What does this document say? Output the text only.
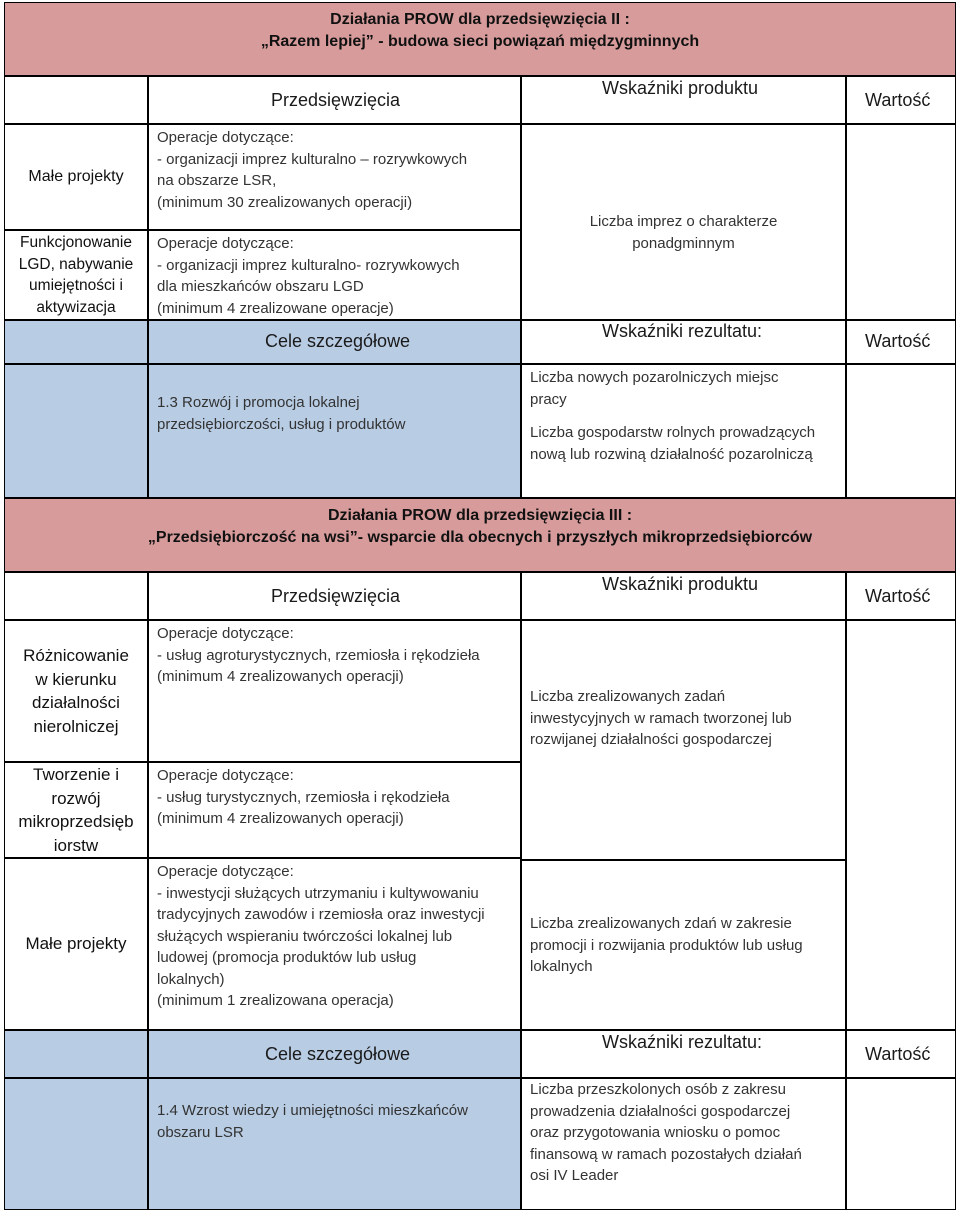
Działania PROW dla przedsięwzięcia II :
„Razem lepiej” - budowa sieci powiązań międzygminnych
Przedsięwzięcia
Wskaźniki produktu
Wartość
Małe projekty
Funkcjonowanie
LGD, nabywanie
umiejętności i
aktywizacja
Operacje dotyczące:
- organizacji imprez kulturalno – rozrywkowych
na obszarze LSR,
(minimum 30 zrealizowanych operacji)
Operacje dotyczące:
- organizacji imprez kulturalno- rozrywkowych
dla mieszkańców obszaru LGD
(minimum 4 zrealizowane operacje)
Liczba imprez o charakterze
ponadgminnym
Cele szczegółowe	Wskaźniki rezultatu:	Wartość
1.3 Rozwój i promocja lokalnej
przedsiębiorczości, usług i produktów
Liczba nowych pozarolniczych miejsc
pracy
Liczba gospodarstw rolnych prowadzących
nową lub rozwiną działalność pozarolniczą
Działania PROW dla przedsięwzięcia III :
„Przedsiębiorczość na wsi”- wsparcie dla obecnych i przyszłych mikroprzedsiębiorców
Przedsięwzięcia
Wskaźniki produktu
Wartość
Różnicowanie
w kierunku
działalności
nierolniczej
Tworzenie i
rozwój
mikroprzedsięb
iorstw
Małe projekty
Operacje dotyczące:
- usług agroturystycznych, rzemiosła i rękodzieła
(minimum 4 zrealizowanych operacji)
Operacje dotyczące:
- usług turystycznych, rzemiosła i rękodzieła
(minimum 4 zrealizowanych operacji)
Operacje dotyczące:
- inwestycji służących utrzymaniu i kultywowaniu
tradycyjnych zawodów i rzemiosła oraz inwestycji
służących wspieraniu twórczości lokalnej lub
ludowej (promocja produktów lub usług
lokalnych)
(minimum 1 zrealizowana operacja)
Liczba zrealizowanych zadań
inwestycyjnych w ramach tworzonej lub
rozwijanej działalności gospodarczej
Liczba zrealizowanych zdań w zakresie
promocji i rozwijania produktów lub usług
lokalnych
Cele szczegółowe
Wskaźniki rezultatu:
Wartość
1.4 Wzrost wiedzy i umiejętności mieszkańców
obszaru LSR
Liczba przeszkolonych osób z zakresu
prowadzenia działalności gospodarczej
oraz przygotowania wniosku o pomoc
finansową w ramach pozostałych działań
osi IV Leader
